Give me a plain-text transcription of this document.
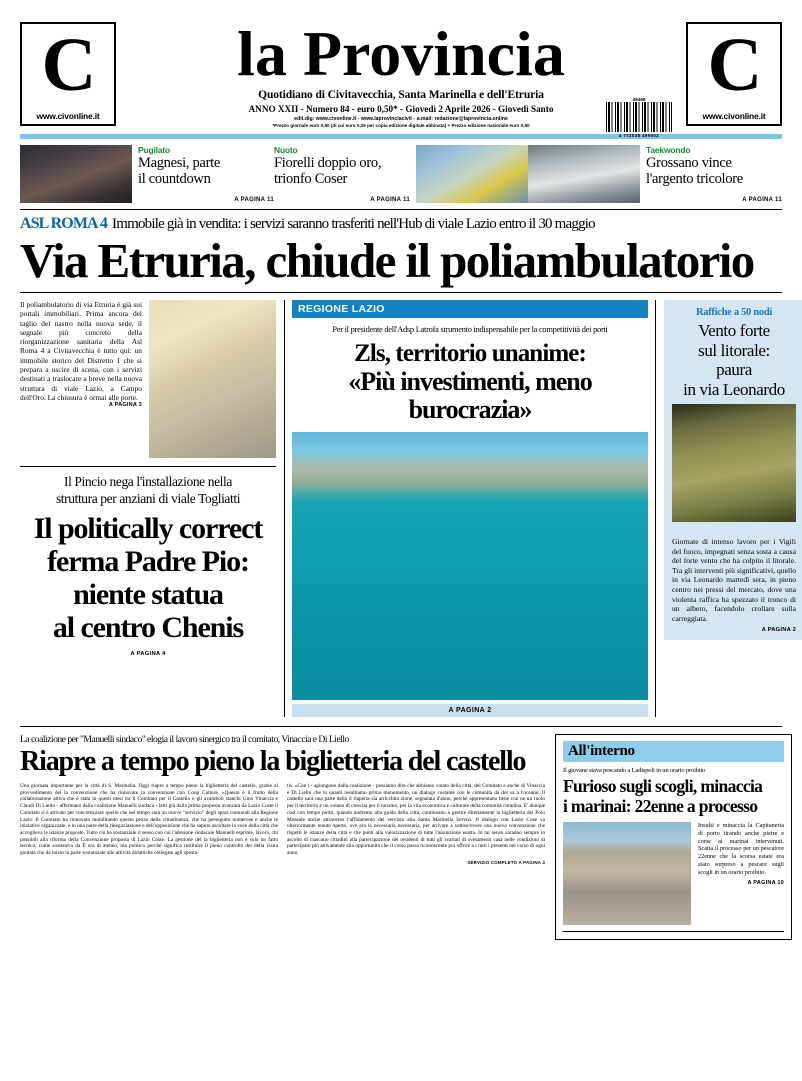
C
www.civonline.it
la Provincia
Quotidiano di Civitavecchia, Santa Marinella e dell'Etruria
ANNO XXII - Numero 84 - euro 0,50* - Giovedì 2 Aprile 2026 - Giovedì Santo
edit.dig: www.civonline.it - www.laprovinciacivit - a.mail: redazione@laprovincia.online
*Prezzo giornale euro 0,50 (di cui euro 0,25 per copia edizione digitale abbinata) + Prezzo edizione nazionale euro 0,50
C
www.civonline.it
49498
4 772038 499002
Pugilato
Magnesi, parte
il countdown
A PAGINA 11
Nuoto
Fiorelli doppio oro,
trionfo Coser
A PAGINA 11
Taekwondo
Grossano vince
l'argento tricolore
A PAGINA 11
ASL ROMA 4 Immobile già in vendita: i servizi saranno trasferiti nell'Hub di viale Lazio entro il 30 maggio
Via Etruria, chiude il poliambulatorio
Il poliambulatorio di via Etruria è già sui portali immobiliari. Prima ancora del taglio del nastro nella nuova sede, il segnale più concreto della riorganizzazione sanitaria della Asl Roma 4 a Civitavecchia è tutto qui: un immobile storico del Distretto 1 che si prepara a uscire di scena, con i servizi destinati a traslocare a breve nella nuova struttura di viale Lazio, a Campo dell'Oro. La chiusura è ormai alle porte.
A PAGINA 3
Il Pincio nega l'installazione nella
struttura per anziani di viale Togliatti
Il politically correct
ferma Padre Pio:
niente statua
al centro Chenis
A PAGINA 4
REGIONE LAZIO
Per il presidente dell'Adsp Latrofa strumento indispensabile per la competitività dei porti
Zls, territorio unanime:
«Più investimenti, meno burocrazia»
A PAGINA 2
Raffiche a 50 nodi
Vento forte
sul litorale:
paura
in via Leonardo
Giornate di intenso lavoro per i Vigili del fuoco, impegnati senza sosta a causa del forte vento che ha colpito il litorale. Tra gli interventi più significativi, quello in via Leonardo martedì sera, in pieno centro nei pressi del mercato, dove una violenta raffica ha spezzato il tronco di un albero, facendolo crollare sulla carreggiata.
A PAGINA 2
La coalizione per "Manuelli sindaco" elogia il lavoro sinergico tra il comitato, Vinaccia e Di Liello
Riapre a tempo pieno la biglietteria del castello

Una giornata importante per la città di S. Marinella. Oggi riapre a tempo pieno la biglietteria del castello, grazie al provvedimento del la convenzione che ha rinnovato la convenzione con Coop Culture. «Questo è il frutto della collaborazione attiva che è stata in questi mesi tra il Comitato per il Castello e gli avamboli stanchi Gino Vinaccia e Claudi Di Liello - affermano dalla coalizione Manuelli sindaco - letti già dalla prima proposta avanzata da Lazio Coste il Comitato si è attivato per concretizzare quello che nel tempo sarà un nuovo "servizio" degli spazi comunali alla Regione Lazio. Il Comitato ha rinnovato mobilitando questo pezzo della cittadinanza, che ha perseguito numerose e anche le iniziative organizzate, e in una parte della rinegoziazione e dell'opposizione che ha saputo ascoltare la voce della città che accoglieva le istanze proposte. Tutto ciò ha sostanziale il senso con cui l'adesione sindacale Manuelli esprime, lavora, chi possibili alla riforma della Convenzione proposta di Lazio Coste. La gestione del la biglietteria non è solo un fatto tecnico, come sosteneva da È ora di ateneo, ma politico perché significa restituire il pieno controllo dei della visita guidata che dà inizio la parte sostanziale alle attività didattiche collegate agli sposta-

tis. «Con i - agiungono dalla coalizione - possiamo dire che abbiamo votato della città, del Comitato e anche di Vinaccia e Di Liello che in quanti resultiamo primo monumento, un dialogo costante con le comunità da dot sa a l'oceano. Il castello sarà una parte della il riaperta sia arricchita zione, segnalata d'anno, perché appresentano bene con ne un ruolo per il territorio e un volano di crescita per il turismo, per la vita economica e culturale della comunità cittadina. È' dunque così con tempo politi, quando andremo alla guida della città, continuano a gestire direttamente la biglietteria del Polo Museale anche attraverso l'affidamento del servizio alla Santa Marinella Servizi. Il dialogo con Lazio Cose va ulteriormente tenuto aperto, ove era la necessaria necessaria, per arrivare a sottoscrivere una nuova convenzione che rispetti le istanze della città e che punti alla valorizzazione di tutte l'assunzione esatta. In tal senso saranno sempre in ascolto di ciascuno cittadini alla partecipazione dei residenti di tutti gli svariati di svesamenti casa nelle condizioni di partecipare più attivamente alla opportunità che il corso passa riconoscente poi offrire a i tutti i presenti nel corso di ogni anno.

SERVIZIO COMPLETO A PAGINA 3
All'interno
Il giovane stava pescando a Ladispoli in un orario proibito
Furioso sugli scogli, minaccia
i marinai: 22enne a processo
Insulti e minaccia la Capitaneria di porto tirando anche pietre e corse ai marinai intervenuti. Scatta il processo per un pescatore 22enne che la scorsa estate era stato sorpreso a pescare sugli scogli in un orario proibito.
A PAGINA 10
